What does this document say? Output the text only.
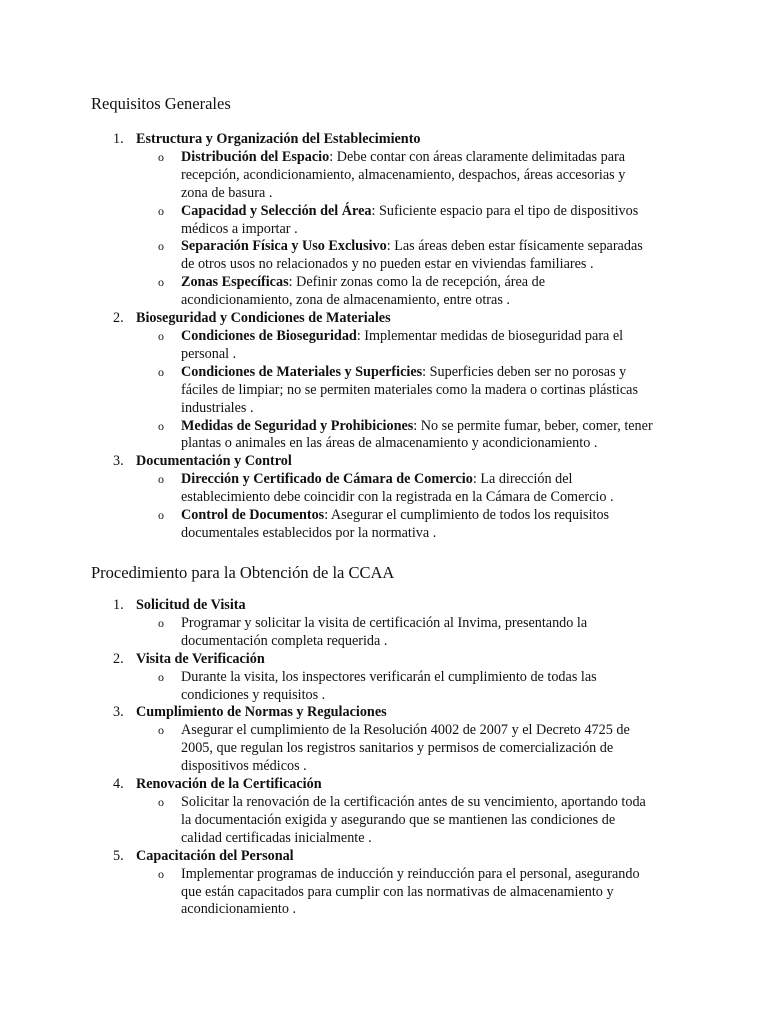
Requisitos Generales
1. Estructura y Organización del Establecimiento
o Distribución del Espacio: Debe contar con áreas claramente delimitadas para recepción, acondicionamiento, almacenamiento, despachos, áreas accesorias y zona de basura .
o Capacidad y Selección del Área: Suficiente espacio para el tipo de dispositivos médicos a importar .
o Separación Física y Uso Exclusivo: Las áreas deben estar físicamente separadas de otros usos no relacionados y no pueden estar en viviendas familiares .
o Zonas Específicas: Definir zonas como la de recepción, área de acondicionamiento, zona de almacenamiento, entre otras .
2. Bioseguridad y Condiciones de Materiales
o Condiciones de Bioseguridad: Implementar medidas de bioseguridad para el personal .
o Condiciones de Materiales y Superficies: Superficies deben ser no porosas y fáciles de limpiar; no se permiten materiales como la madera o cortinas plásticas industriales .
o Medidas de Seguridad y Prohibiciones: No se permite fumar, beber, comer, tener plantas o animales en las áreas de almacenamiento y acondicionamiento .
3. Documentación y Control
o Dirección y Certificado de Cámara de Comercio: La dirección del establecimiento debe coincidir con la registrada en la Cámara de Comercio .
o Control de Documentos: Asegurar el cumplimiento de todos los requisitos documentales establecidos por la normativa .
Procedimiento para la Obtención de la CCAA
1. Solicitud de Visita
o Programar y solicitar la visita de certificación al Invima, presentando la documentación completa requerida .
2. Visita de Verificación
o Durante la visita, los inspectores verificarán el cumplimiento de todas las condiciones y requisitos .
3. Cumplimiento de Normas y Regulaciones
o Asegurar el cumplimiento de la Resolución 4002 de 2007 y el Decreto 4725 de 2005, que regulan los registros sanitarios y permisos de comercialización de dispositivos médicos .
4. Renovación de la Certificación
o Solicitar la renovación de la certificación antes de su vencimiento, aportando toda la documentación exigida y asegurando que se mantienen las condiciones de calidad certificadas inicialmente .
5. Capacitación del Personal
o Implementar programas de inducción y reinducción para el personal, asegurando que están capacitados para cumplir con las normativas de almacenamiento y acondicionamiento .
